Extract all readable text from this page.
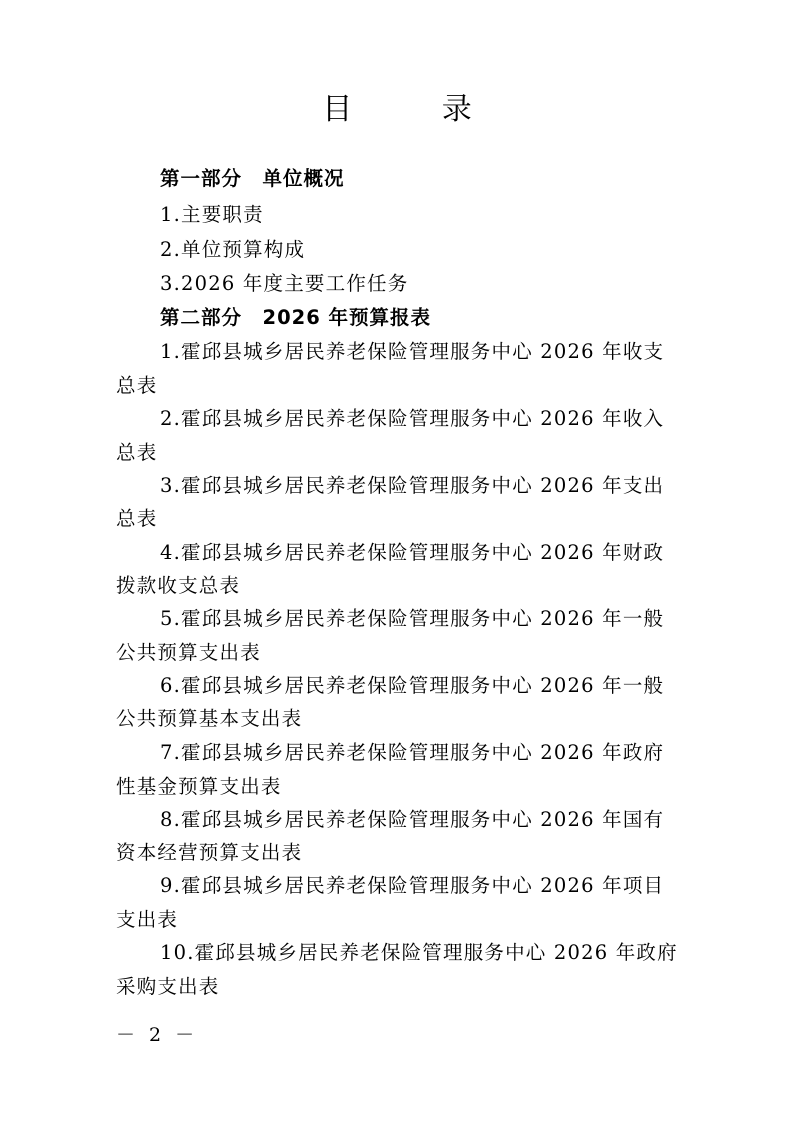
目 录
第一部分　单位概况
1.主要职责
2.单位预算构成
3.2026 年度主要工作任务
第二部分　2026 年预算报表
1.霍邱县城乡居民养老保险管理服务中心 2026 年收支
总表
2.霍邱县城乡居民养老保险管理服务中心 2026 年收入
总表
3.霍邱县城乡居民养老保险管理服务中心 2026 年支出
总表
4.霍邱县城乡居民养老保险管理服务中心 2026 年财政
拨款收支总表
5.霍邱县城乡居民养老保险管理服务中心 2026 年一般
公共预算支出表
6.霍邱县城乡居民养老保险管理服务中心 2026 年一般
公共预算基本支出表
7.霍邱县城乡居民养老保险管理服务中心 2026 年政府
性基金预算支出表
8.霍邱县城乡居民养老保险管理服务中心 2026 年国有
资本经营预算支出表
9.霍邱县城乡居民养老保险管理服务中心 2026 年项目
支出表
10.霍邱县城乡居民养老保险管理服务中心 2026 年政府
采购支出表
－ 2 －
